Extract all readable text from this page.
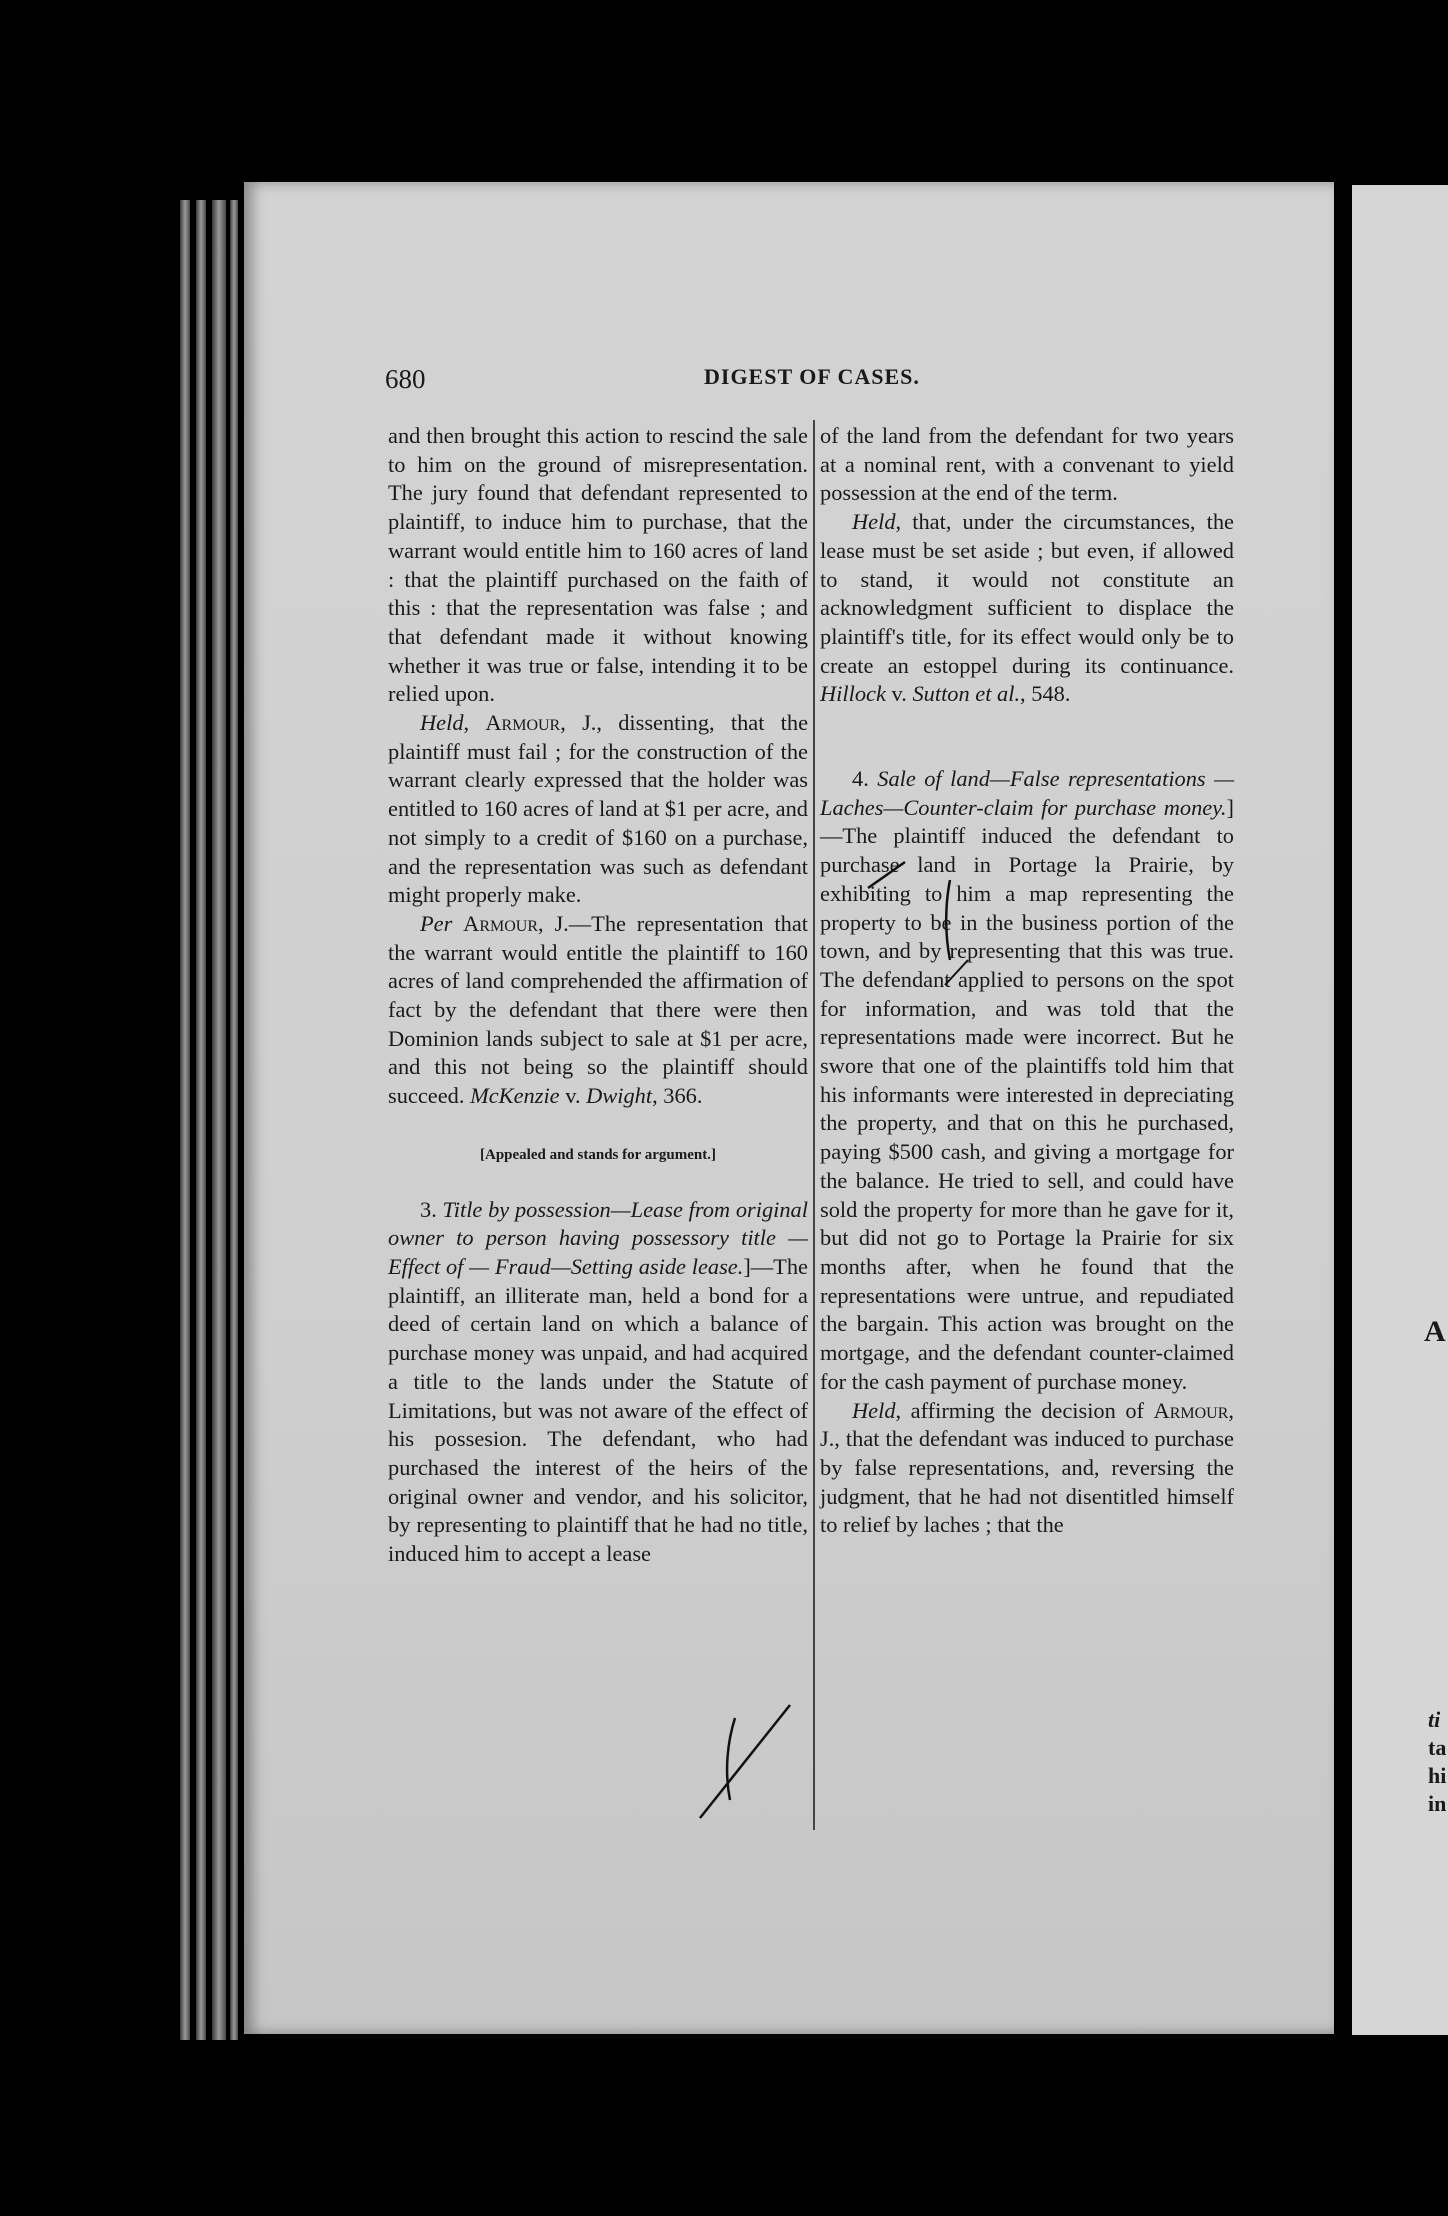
A
ti
ta
hi
in
680	DIGEST OF CASES.

and then brought this action to rescind the sale to him on the ground of misrepresentation. The jury found that defendant represented to plaintiff, to induce him to purchase, that the warrant would entitle him to 160 acres of land : that the plaintiff purchased on the faith of this : that the representation was false ; and that defendant made it without knowing whether it was true or false, intending it to be relied upon.

Held, Armour, J., dissenting, that the plaintiff must fail ; for the construction of the warrant clearly expressed that the holder was entitled to 160 acres of land at $1 per acre, and not simply to a credit of $160 on a purchase, and the representation was such as defendant might properly make.

Per Armour, J.—The representation that the warrant would entitle the plaintiff to 160 acres of land comprehended the affirmation of fact by the defendant that there were then Dominion lands subject to sale at $1 per acre, and this not being so the plaintiff should succeed. McKenzie v. Dwight, 366.

[Appealed and stands for argument.]

3. Title by possession—Lease from original owner to person having possessory title — Effect of — Fraud—Setting aside lease.]—The plaintiff, an illiterate man, held a bond for a deed of certain land on which a balance of purchase money was unpaid, and had acquired a title to the lands under the Statute of Limitations, but was not aware of the effect of his possesion. The defendant, who had purchased the interest of the heirs of the original owner and vendor, and his solicitor, by representing to plaintiff that he had no title, induced him to accept a lease

of the land from the defendant for two years at a nominal rent, with a convenant to yield possession at the end of the term.

Held, that, under the circumstances, the lease must be set aside ; but even, if allowed to stand, it would not constitute an acknowledgment sufficient to displace the plaintiff's title, for its effect would only be to create an estoppel during its continuance. Hillock v. Sutton et al., 548.

4. Sale of land—False representations — Laches—Counter-claim for purchase money.]—The plaintiff induced the defendant to purchase land in Portage la Prairie, by exhibiting to him a map representing the property to be in the business portion of the town, and by representing that this was true. The defendant applied to persons on the spot for information, and was told that the representations made were incorrect. But he swore that one of the plaintiffs told him that his informants were interested in depreciating the property, and that on this he purchased, paying $500 cash, and giving a mortgage for the balance. He tried to sell, and could have sold the property for more than he gave for it, but did not go to Portage la Prairie for six months after, when he found that the representations were untrue, and repudiated the bargain. This action was brought on the mortgage, and the defendant counter-claimed for the cash payment of purchase money.

Held, affirming the decision of Armour, J., that the defendant was induced to purchase by false representations, and, reversing the judgment, that he had not disentitled himself to relief by laches ; that the
